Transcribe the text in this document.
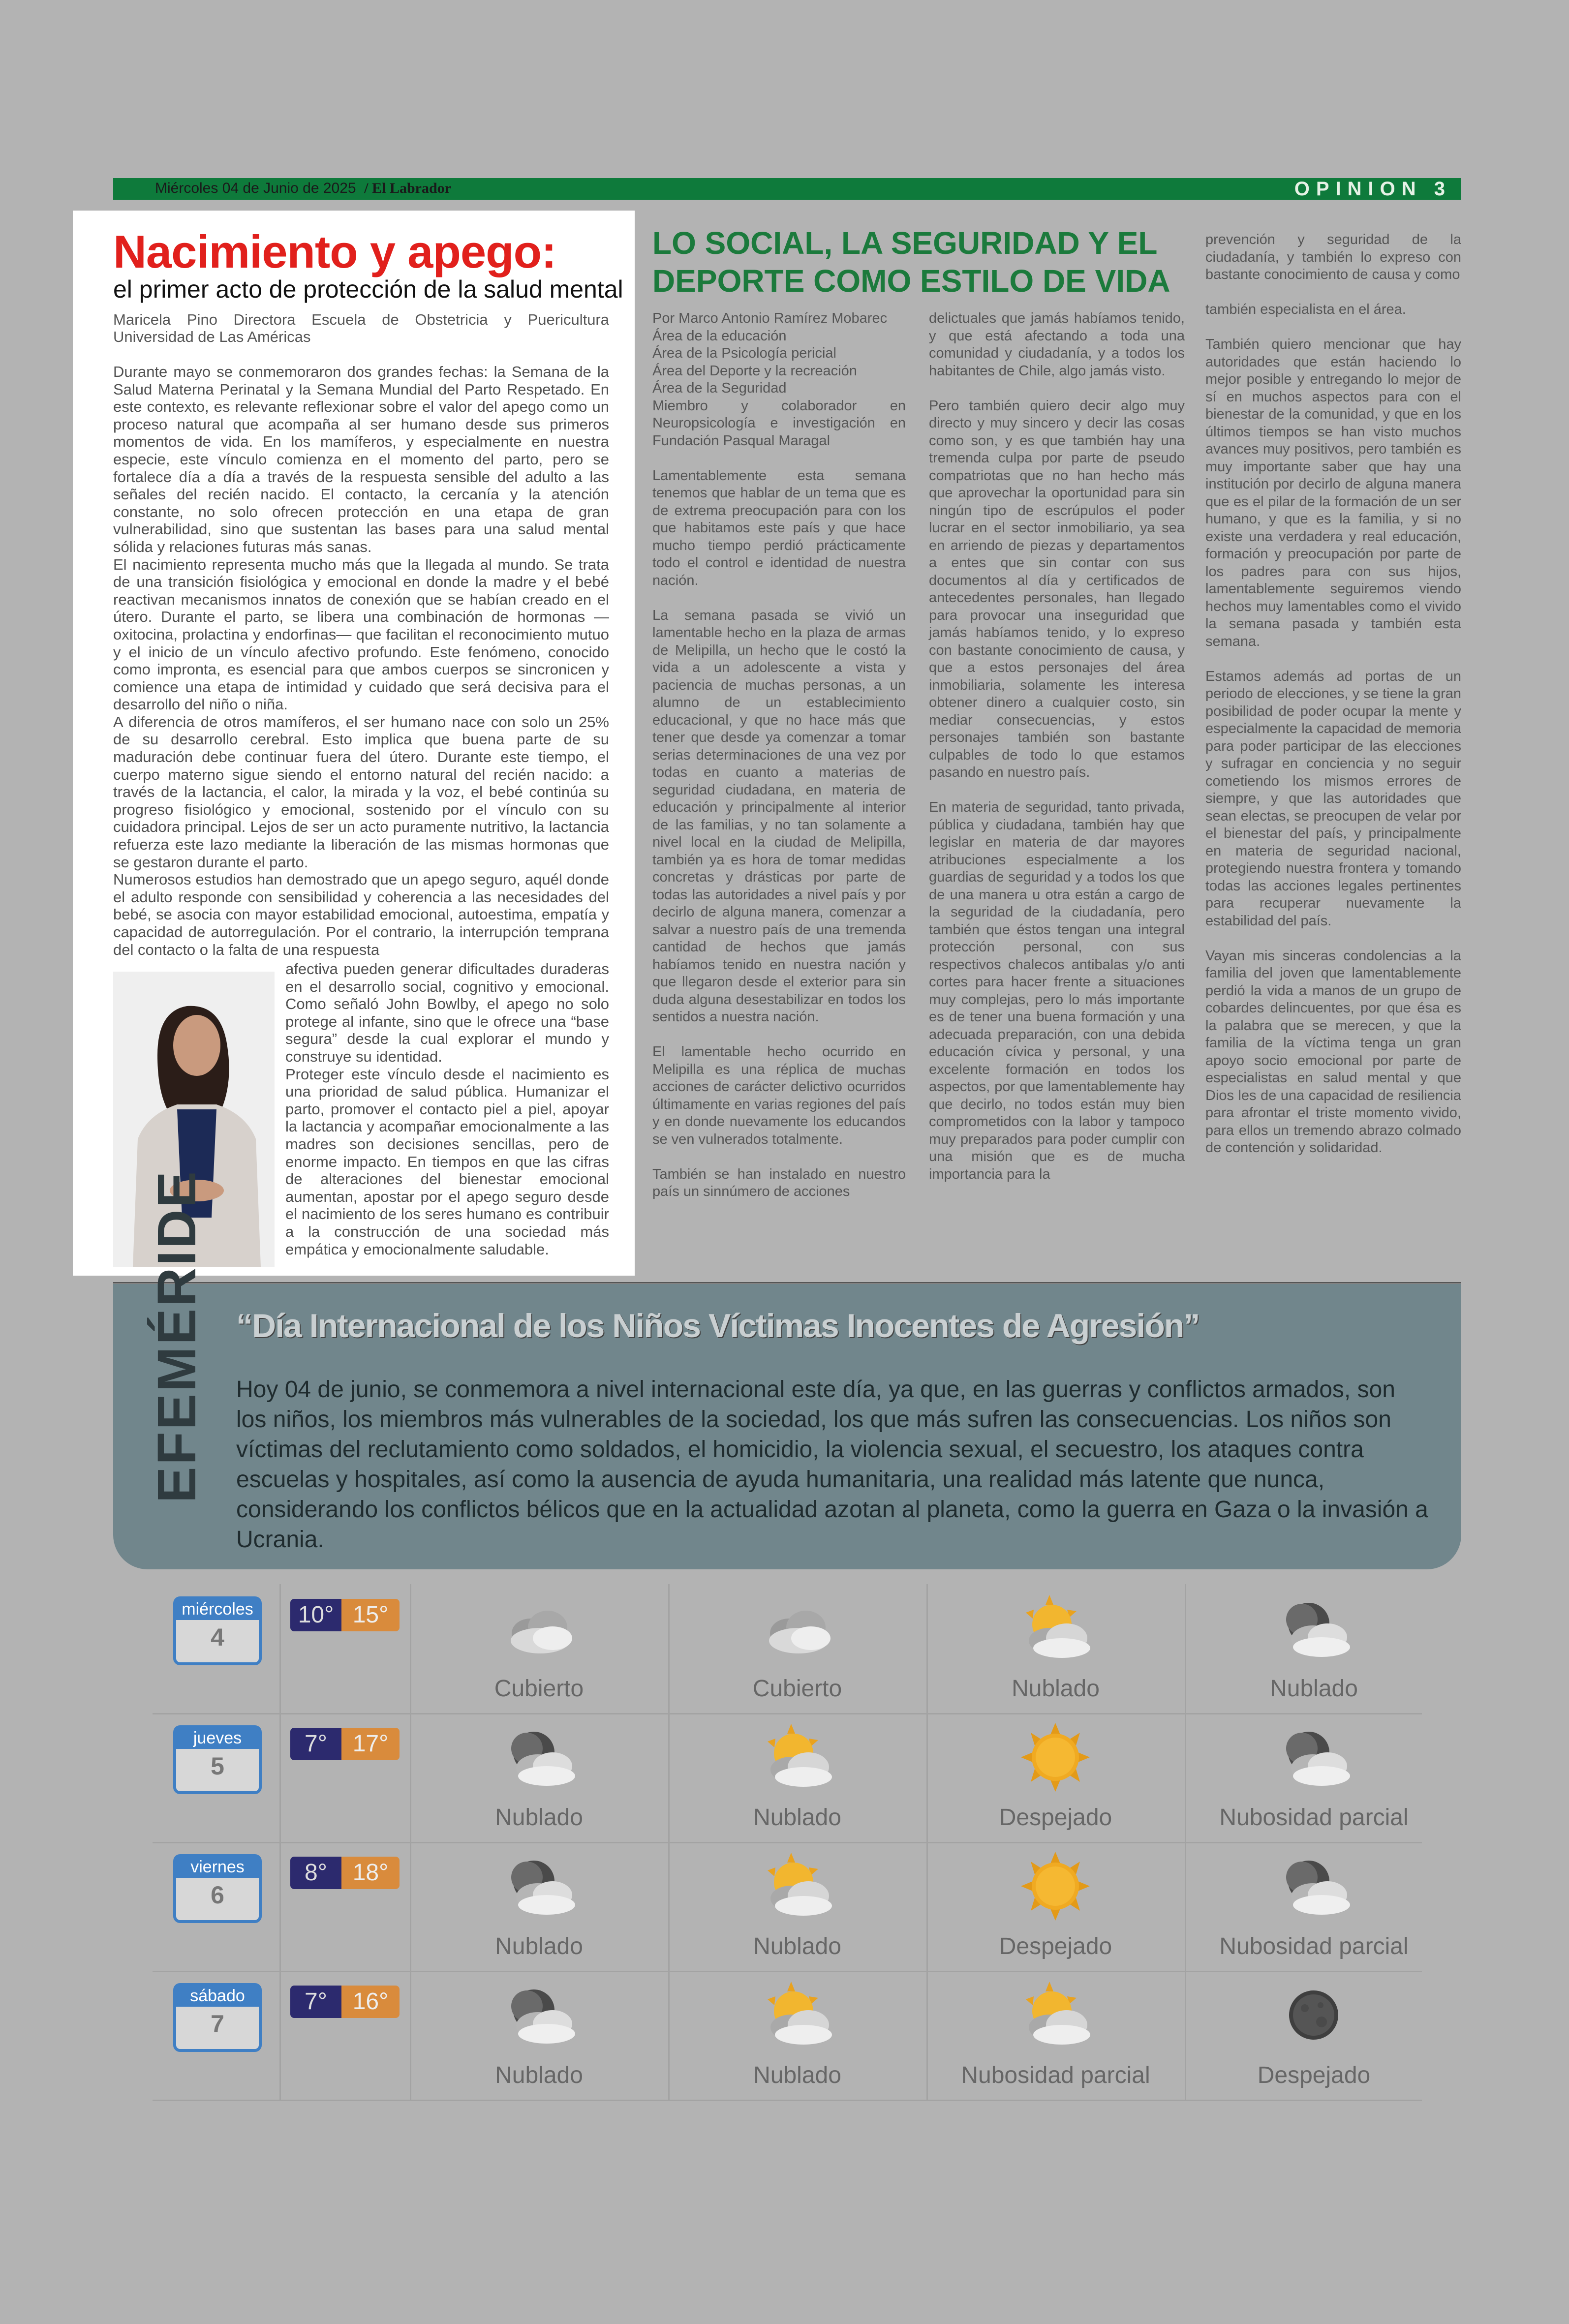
Miércoles 04 de Junio de 2025 / El Labrador	OPINION 3
Nacimiento y apego:
el primer acto de protección de la salud mental
Maricela Pino Directora Escuela de Obstetricia y Puericultura Universidad de Las Américas

Durante mayo se conmemoraron dos grandes fechas: la Semana de la Salud Materna Perinatal y la Semana Mundial del Parto Respetado. En este contexto, es relevante reflexionar sobre el valor del apego como un proceso natural que acompaña al ser humano desde sus primeros momentos de vida. En los mamíferos, y especialmente en nuestra especie, este vínculo comienza en el momento del parto, pero se fortalece día a día a través de la respuesta sensible del adulto a las señales del recién nacido. El contacto, la cercanía y la atención constante, no solo ofrecen protección en una etapa de gran vulnerabilidad, sino que sustentan las bases para una salud mental sólida y relaciones futuras más sanas.

El nacimiento representa mucho más que la llegada al mundo. Se trata de una transición fisiológica y emocional en donde la madre y el bebé reactivan mecanismos innatos de conexión que se habían creado en el útero. Durante el parto, se libera una combinación de hormonas —oxitocina, prolactina y endorfinas— que facilitan el reconocimiento mutuo y el inicio de un vínculo afectivo profundo. Este fenómeno, conocido como impronta, es esencial para que ambos cuerpos se sincronicen y comience una etapa de intimidad y cuidado que será decisiva para el desarrollo del niño o niña.

A diferencia de otros mamíferos, el ser humano nace con solo un 25% de su desarrollo cerebral. Esto implica que buena parte de su maduración debe continuar fuera del útero. Durante este tiempo, el cuerpo materno sigue siendo el entorno natural del recién nacido: a través de la lactancia, el calor, la mirada y la voz, el bebé continúa su progreso fisiológico y emocional, sostenido por el vínculo con su cuidadora principal. Lejos de ser un acto puramente nutritivo, la lactancia refuerza este lazo mediante la liberación de las mismas hormonas que se gestaron durante el parto.

Numerosos estudios han demostrado que un apego seguro, aquél donde el adulto responde con sensibilidad y coherencia a las necesidades del bebé, se asocia con mayor estabilidad emocional, autoestima, empatía y capacidad de autorregulación. Por el contrario, la interrupción temprana del contacto o la falta de una respuesta

afectiva pueden generar dificultades duraderas en el desarrollo social, cognitivo y emocional. Como señaló John Bowlby, el apego no solo protege al infante, sino que le ofrece una “base segura” desde la cual explorar el mundo y construye su identidad.

Proteger este vínculo desde el nacimiento es una prioridad de salud pública. Humanizar el parto, promover el contacto piel a piel, apoyar la lactancia y acompañar emocionalmente a las madres son decisiones sencillas, pero de enorme impacto. En tiempos en que las cifras de alteraciones del bienestar emocional aumentan, apostar por el apego seguro desde el nacimiento de los seres humano es contribuir a la construcción de una sociedad más empática y emocionalmente saludable.

LO SOCIAL, LA SEGURIDAD Y EL DEPORTE COMO ESTILO DE VIDA
Por Marco Antonio Ramírez Mobarec
Área de la educación
Área de la Psicología pericial
Área del Deporte y la recreación
Área de la Seguridad
Miembro y colaborador en Neuropsicología e investigación en Fundación Pasqual Maragal

Lamentablemente esta semana tenemos que hablar de un tema que es de extrema preocupación para con los que habitamos este país y que hace mucho tiempo perdió prácticamente todo el control e identidad de nuestra nación.

La semana pasada se vivió un lamentable hecho en la plaza de armas de Melipilla, un hecho que le costó la vida a un adolescente a vista y paciencia de muchas personas, a un alumno de un establecimiento educacional, y que no hace más que tener que desde ya comenzar a tomar serias determinaciones de una vez por todas en cuanto a materias de seguridad ciudadana, en materia de educación y principalmente al interior de las familias, y no tan solamente a nivel local en la ciudad de Melipilla, también ya es hora de tomar medidas concretas y drásticas por parte de todas las autoridades a nivel país y por decirlo de alguna manera, comenzar a salvar a nuestro país de una tremenda cantidad de hechos que jamás habíamos tenido en nuestra nación y que llegaron desde el exterior para sin duda alguna desestabilizar en todos los sentidos a nuestra nación.

El lamentable hecho ocurrido en Melipilla es una réplica de muchas acciones de carácter delictivo ocurridos últimamente en varias regiones del país y en donde nuevamente los educandos se ven vulnerados totalmente.

También se han instalado en nuestro país un sinnúmero de acciones

delictuales que jamás habíamos tenido, y que está afectando a toda una comunidad y ciudadanía, y a todos los habitantes de Chile, algo jamás visto.

Pero también quiero decir algo muy directo y muy sincero y decir las cosas como son, y es que también hay una tremenda culpa por parte de pseudo compatriotas que no han hecho más que aprovechar la oportunidad para sin ningún tipo de escrúpulos el poder lucrar en el sector inmobiliario, ya sea en arriendo de piezas y departamentos a entes que sin contar con sus documentos al día y certificados de antecedentes personales, han llegado para provocar una inseguridad que jamás habíamos tenido, y lo expreso con bastante conocimiento de causa, y que a estos personajes del área inmobiliaria, solamente les interesa obtener dinero a cualquier costo, sin mediar consecuencias, y estos personajes también son bastante culpables de todo lo que estamos pasando en nuestro país.

En materia de seguridad, tanto privada, pública y ciudadana, también hay que legislar en materia de dar mayores atribuciones especialmente a los guardias de seguridad y a todos los que de una manera u otra están a cargo de la seguridad de la ciudadanía, pero también que éstos tengan una integral protección personal, con sus respectivos chalecos antibalas y/o anti cortes para hacer frente a situaciones muy complejas, pero lo más importante es de tener una buena formación y una adecuada preparación, con una debida educación cívica y personal, y una excelente formación en todos los aspectos, por que lamentablemente hay que decirlo, no todos están muy bien comprometidos con la labor y tampoco muy preparados para poder cumplir con una misión que es de mucha importancia para la

prevención y seguridad de la ciudadanía, y también lo expreso con bastante conocimiento de causa y como

también especialista en el área.

También quiero mencionar que hay autoridades que están haciendo lo mejor posible y entregando lo mejor de sí en muchos aspectos para con el bienestar de la comunidad, y que en los últimos tiempos se han visto muchos avances muy positivos, pero también es muy importante saber que hay una institución por decirlo de alguna manera que es el pilar de la formación de un ser humano, y que es la familia, y si no existe una verdadera y real educación, formación y preocupación por parte de los padres para con sus hijos, lamentablemente seguiremos viendo hechos muy lamentables como el vivido la semana pasada y también esta semana.

Estamos además ad portas de un periodo de elecciones, y se tiene la gran posibilidad de poder ocupar la mente y especialmente la capacidad de memoria para poder participar de las elecciones y sufragar en conciencia y no seguir cometiendo los mismos errores de siempre, y que las autoridades que sean electas, se preocupen de velar por el bienestar del país, y principalmente en materia de seguridad nacional, protegiendo nuestra frontera y tomando todas las acciones legales pertinentes para recuperar nuevamente la estabilidad del país.

Vayan mis sinceras condolencias a la familia del joven que lamentablemente perdió la vida a manos de un grupo de cobardes delincuentes, por que ésa es la palabra que se merecen, y que la familia de la víctima tenga un gran apoyo socio emocional por parte de especialistas en salud mental y que Dios les de una capacidad de resiliencia para afrontar el triste momento vivido, para ellos un tremendo abrazo colmado de contención y solidaridad.

EFEMÉRIDE “Día Internacional de los Niños Víctimas Inocentes de Agresión”
Hoy 04 de junio, se conmemora a nivel internacional este día, ya que, en las guerras y conflictos armados, son los niños, los miembros más vulnerables de la sociedad, los que más sufren las consecuencias. Los niños son víctimas del reclutamiento como soldados, el homicidio, la violencia sexual, el secuestro, los ataques contra escuelas y hospitales, así como la ausencia de ayuda humanitaria, una realidad más latente que nunca, considerando los conflictos bélicos que en la actualidad azotan al planeta, como la guerra en Gaza o la invasión a Ucrania.
miércoles
4
10° 15°
Cubierto	Cubierto	Nublado	Nublado
jueves
5
7°	17°
Nublado	Nublado	Despejado	Nubosidad parcial
viernes
6
8°	18°
Nublado	Nublado	Despejado	Nubosidad parcial
sábado
7
7°	16°
Nublado	Nublado	Nubosidad parcial	Despejado
